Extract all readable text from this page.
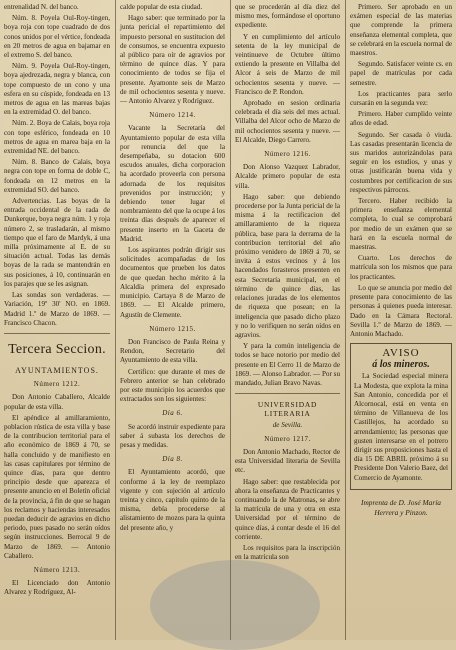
entrenalidad N. del banco.

Núm. 8. Poyela Oul-Roy-tingen, boya roja con tope cuadrado de dos conos unidos por el vértice, fondeada en 20 metros de agua en bajamar en el extremo S. del banco.

Núm. 9. Poyela Oul-Roy-tingen, boya ajedrezada, negra y blanca, con tope compuesto de un cono y una esfera en su cúspide, fondeada en 13 metros de agua en las mareas bajas en la extremidad O. del banco.

Núm. 2. Boya de Calais, boya roja con tope esférico, fondeada en 10 metros de agua en marea baja en la extremidad NE. del banco.

Núm. 8. Banco de Calais, boya negra con tope en forma de doble C, fondeada en 12 metros en la extremidad SO. del banco.

Advertencias. Las boyas de la entrada occidental de la rada de Dunkerque, boya negra núm. 1 y roja número 2, se trasladarán, al mismo tiempo que el faro de Mardyk, á una milla próximamente al E. de su situación actual. Todas las demás boyas de la rada se mantendrán en sus posiciones, á 10, continuarán en los parajes que se les asignan.

Las sondas son verdaderas. — Variación, 19º 30' NO. en 1869. Madrid 1.º de Marzo de 1869. — Francisco Chacon.

Tercera Seccion.
AYUNTAMIENTOS.
Número 1212.

Don Antonio Caballero, Alcalde popular de esta villa.

El apéndice al amillaramiento, poblacion rústica de esta villa y base de la contribucion territorial para el año económico de 1869 á 70, se halla concluido y de manifiesto en las casas capitulares por término de quince días, para que dentro principio desde que aparezca el presente anuncio en el Boletín oficial de la provincia, á fin de que se hagan los reclamos y haciendas interesados puedan deducir de agravios en dicho periodo, pues pasado no serán oídos según instrucciones. Berrocal 9 de Marzo de 1869. — Antonio Caballero.

Número 1213.

El Licenciado don Antonio Alvarez y Rodríguez, Al-

calde popular de esta ciudad.

Hago saber: que terminado por la junta pericial el repartimiento del impuesto personal en sustitucion del de consumos, se encuentra expuesto al público para oír de agravios por término de quince días. Y para conocimiento de todos se fija el presente. Ayamonte seis de Marzo de mil ochocientos sesenta y nueve. — Antonio Alvarez y Rodríguez.

Número 1214.

Vacante la Secretaría del Ayuntamiento popular de esta villa por renuncia del que la desempeñaba, su dotacion 600 escudos anuales, dicha corporacion ha acordado proveerla con persona adornada de los requisitos prevenidos por instrucción; y debiendo tener lugar el nombramiento del que la ocupe á los treinta días después de aparecer el presente inserto en la Gaceta de Madrid.

Los aspirantes podrán dirigir sus solicitudes acompañadas de los documentos que prueben los datos de que quedan hecho mérito á la Alcaldía primera del expresado municipio. Cartaya 8 de Marzo de 1869. — El Alcalde primero, Agustín de Clemente.

Número 1215.

Don Francisco de Paula Reina y Rendon, Secretario del Ayuntamiento de esta villa.

Certifico: que durante el mes de Febrero anterior se han celebrado por este municipio los acuerdos que extractados son los siguientes:

Día 6.

Se acordó instruir expediente para saber á subasta los derechos de pesas y medidas.

Día 8.

El Ayuntamiento acordó, que conforme á la ley de reemplazo vigente y con sujeción al artículo treinta y cinco, capítulo quinto de la misma, debía procederse al alistamiento de mozos para la quinta del presente año, y

que se procederán al día diez del mismo mes, formándose el oportuno expediente.

Y en cumplimiento del artículo setenta de la ley municipal de veintinueve de Octubre último extiendo la presente en Villalba del Alcor á seis de Marzo de mil ochocientos sesenta y nueve. — Francisco de P. Rondon.

Aprobado en sesion ordinaria celebrada el día seis del mes actual. Villalba del Alcor ocho de Marzo de mil ochocientos sesenta y nueve. — El Alcalde, Diego Carrero.

Número 1216.

Don Alonso Vazquez Labrador, Alcalde primero popular de esta villa.

Hago saber: que debiendo procederse por la Junta pericial de la misma á la rectificacion del amillaramiento de la riqueza pública, base para la derrama de la contribucion territorial del año próximo venidero de 1869 á 70, se invita á estos vecinos y á los hacendados forasteros presenten en esta Secretaría municipal, en el término de quince días, las relaciones juradas de los elementos de riqueza que posean; en la inteligencia que pasado dicho plazo y no lo verifiquen no serán oídos en agravios.

Y para la común inteligencia de todos se hace notorio por medio del presente en El Cerro 11 de Marzo de 1869. — Alonso Labrador. — Por su mandado, Julian Bravo Navas.

UNIVERSIDAD LITERARIA
de Sevilla.
Número 1217.

Don Antonio Machado, Rector de esta Universidad literaria de Sevilla etc.

Hago saber: que restablecida por ahora la enseñanza de Practicantes y continuando la de Matronas, se abre la matrícula de una y otra en esta Universidad por el término de quince días, á contar desde el 16 del corriente.

Los requisitos para la inscripción en la matrícula son

Primero. Ser aprobado en un exámen especial de las materias que comprende la primera enseñanza elemental completa, que se celebrará en la escuela normal de maestros.

Segundo. Satisfacer veinte cs. en papel de matrículas por cada semestre.

Los practicantes para serlo cursarán en la segunda vez:

Primero. Haber cumplido veinte años de edad.

Segundo. Ser casada ó viuda. Las casadas presentarán licencia de sus maridos autorizándolas para seguir en los estudios, y unas y otras justificarán buena vida y costumbres por certificacion de sus respectivos párrocos.

Tercero. Haber recibido la primera enseñanza elemental completa, lo cual se comprobará por medio de un exámen que se hará en la escuela normal de maestras.

Cuarto. Los derechos de matrícula son los mismos que para los practicantes.

Lo que se anuncia por medio del presente para conocimiento de las personas á quienes pueda interesar. Dado en la Cámara Rectoral. Sevilla 1.º de Marzo de 1869. — Antonio Machado.

AVISO
á los mineros.

La Sociedad especial minera La Modesta, que explota la mina San Antonio, concedida por el Alcornocal, está en venta en término de Villanueva de los Castillejos, ha acordado su arrendamiento; las personas que gusten interesarse en el potrero dirigir sus proposiciones hasta el día 15 DE ABRIL próximo á su Presidente Don Valerio Baez, del Comercio de Ayamonte.

Imprenta de D. José María
Herrera y Pinzon.
